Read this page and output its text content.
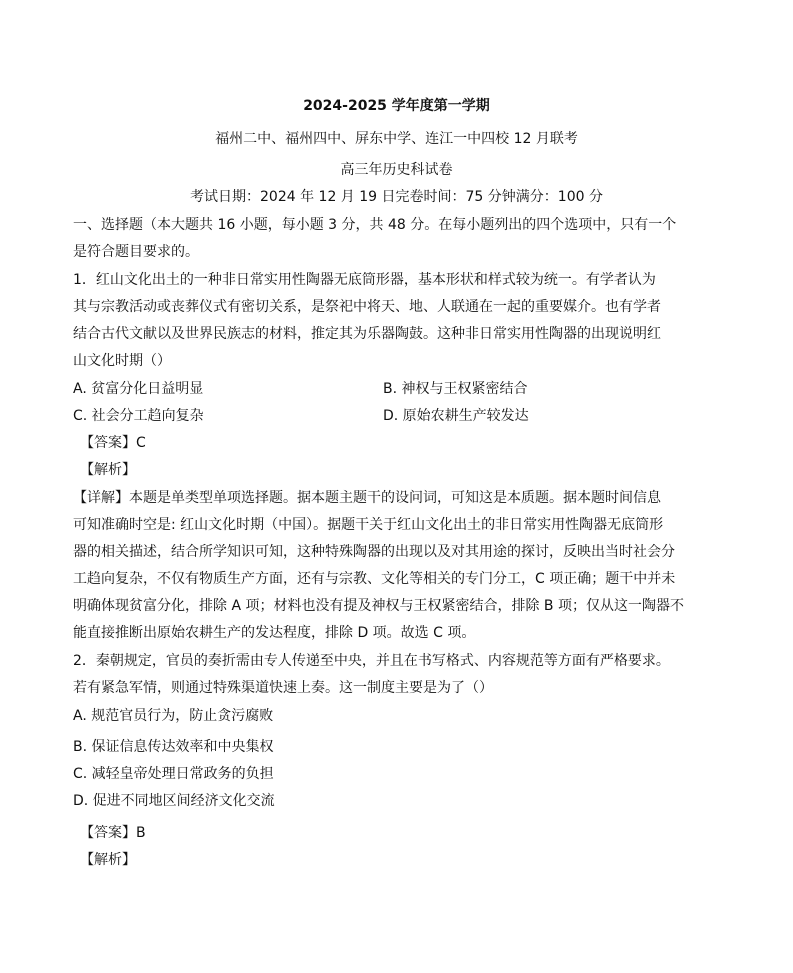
2024-2025 学年度第一学期
福州二中、福州四中、屏东中学、连江一中四校 12 月联考
高三年历史科试卷
考试日期：2024 年 12 月 19 日完卷时间：75 分钟满分：100 分
一、选择题（本大题共 16 小题，每小题 3 分，共 48 分。在每小题列出的四个选项中，只有一个
是符合题目要求的。
1．红山文化出土的一种非日常实用性陶器无底筒形器，基本形状和样式较为统一。有学者认为
其与宗教活动或丧葬仪式有密切关系，是祭祀中将天、地、人联通在一起的重要媒介。也有学者
结合古代文献以及世界民族志的材料，推定其为乐器陶鼓。这种非日常实用性陶器的出现说明红
山文化时期（）
A. 贫富分化日益明显	B. 神权与王权紧密结合
C. 社会分工趋向复杂	D. 原始农耕生产较发达
【答案】C
【解析】
【详解】本题是单类型单项选择题。据本题主题干的设问词，可知这是本质题。据本题时间信息
可知准确时空是: 红山文化时期（中国）。据题干关于红山文化出土的非日常实用性陶器无底筒形
器的相关描述，结合所学知识可知，这种特殊陶器的出现以及对其用途的探讨，反映出当时社会分
工趋向复杂，不仅有物质生产方面，还有与宗教、文化等相关的专门分工，C 项正确；题干中并未
明确体现贫富分化，排除 A 项；材料也没有提及神权与王权紧密结合，排除 B 项；仅从这一陶器不
能直接推断出原始农耕生产的发达程度，排除 D 项。故选 C 项。
2．秦朝规定，官员的奏折需由专人传递至中央，并且在书写格式、内容规范等方面有严格要求。
若有紧急军情，则通过特殊渠道快速上奏。这一制度主要是为了（）
A. 规范官员行为，防止贪污腐败
B. 保证信息传达效率和中央集权
C. 减轻皇帝处理日常政务的负担
D. 促进不同地区间经济文化交流
【答案】B
【解析】
